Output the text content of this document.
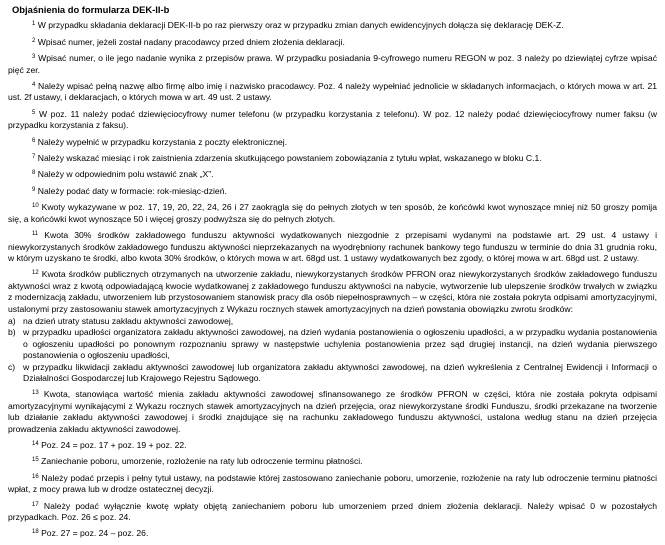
Objaśnienia do formularza DEK-II-b
$^1$ W przypadku składania deklaracji DEK-II-b po raz pierwszy oraz w przypadku zmian danych ewidencyjnych dołącza się deklarację DEK-Z.
$^2$ Wpisać numer, jeżeli został nadany pracodawcy przed dniem złożenia deklaracji.
$^3$ Wpisać numer, o ile jego nadanie wynika z przepisów prawa. W przypadku posiadania 9-cyfrowego numeru REGON w poz. 3 należy po dziewiątej cyfrze wpisać pięć zer.
$^4$ Należy wpisać pełną nazwę albo firmę albo imię i nazwisko pracodawcy. Poz. 4 należy wypełniać jednolicie w składanych informacjach, o których mowa w art. 21 ust. 2f ustawy, i deklaracjach, o których mowa w art. 49 ust. 2 ustawy.
$^5$ W poz. 11 należy podać dziewięciocyfrowy numer telefonu (w przypadku korzystania z telefonu). W poz. 12 należy podać dziewięciocyfrowy numer faksu (w przypadku korzystania z faksu).
$^6$ Należy wypełnić w przypadku korzystania z poczty elektronicznej.
$^7$ Należy wskazać miesiąc i rok zaistnienia zdarzenia skutkującego powstaniem zobowiązania z tytułu wpłat, wskazanego w bloku C.1.
$^8$ Należy w odpowiednim polu wstawić znak „X”.
$^9$ Należy podać daty w formacie: rok-miesiąc-dzień.
$^{10}$ Kwoty wykazywane w poz. 17, 19, 20, 22, 24, 26 i 27 zaokrągla się do pełnych złotych w ten sposób, że końcówki kwot wynoszące mniej niż 50 groszy pomija się, a końcówki kwot wynoszące 50 i więcej groszy podwyższa się do pełnych złotych.
$^{11}$ Kwota 30% środków zakładowego funduszu aktywności wydatkowanych niezgodnie z przepisami wydanymi na podstawie art. 29 ust. 4 ustawy i niewykorzystanych środków zakładowego funduszu aktywności nieprzekazanych na wyodrębniony rachunek bankowy tego funduszu w terminie do dnia 31 grudnia roku, w którym uzyskano te środki, albo kwota 30% środków, o których mowa w art. 68gd ust. 1 ustawy wydatkowanych bez zgody, o której mowa w art. 68gd ust. 2 ustawy.
$^{12}$ Kwota środków publicznych otrzymanych na utworzenie zakładu, niewykorzystanych środków PFRON oraz niewykorzystanych środków zakładowego funduszu aktywności wraz z kwotą odpowiadającą kwocie wydatkowanej z zakładowego funduszu aktywności na nabycie, wytworzenie lub ulepszenie środków trwałych w związku z modernizacją zakładu, utworzeniem lub przystosowaniem stanowisk pracy dla osób niepełnosprawnych – w części, która nie została pokryta odpisami amortyzacyjnymi, ustalonymi przy zastosowaniu stawek amortyzacyjnych z Wykazu rocznych stawek amortyzacyjnych na dzień powstania obowiązku zwrotu środków:
a) na dzień utraty statusu zakładu aktywności zawodowej,
b) w przypadku upadłości organizatora zakładu aktywności zawodowej, na dzień wydania postanowienia o ogłoszeniu upadłości, a w przypadku wydania postanowienia o ogłoszeniu upadłości po ponownym rozpoznaniu sprawy w następstwie uchylenia postanowienia przez sąd drugiej instancji, na dzień wydania pierwszego postanowienia o ogłoszeniu upadłości,
c) w przypadku likwidacji zakładu aktywności zawodowej lub organizatora zakładu aktywności zawodowej, na dzień wykreślenia z Centralnej Ewidencji i Informacji o Działalności Gospodarczej lub Krajowego Rejestru Sądowego.
$^{13}$ Kwota, stanowiąca wartość mienia zakładu aktywności zawodowej sfinansowanego ze środków PFRON w części, która nie została pokryta odpisami amortyzacyjnymi wynikającymi z Wykazu rocznych stawek amortyzacyjnych na dzień przejęcia, oraz niewykorzystane środki Funduszu, środki przekazane na tworzenie lub działanie zakładu aktywności zawodowej i środki znajdujące się na rachunku zakładowego funduszu aktywności, ustalona według stanu na dzień przejęcia prowadzenia zakładu aktywności zawodowej.
$^{14}$ Poz. 24 = poz. 17 + poz. 19 + poz. 22.
$^{15}$ Zaniechanie poboru, umorzenie, rozłożenie na raty lub odroczenie terminu płatności.
$^{16}$ Należy podać przepis i pełny tytuł ustawy, na podstawie której zastosowano zaniechanie poboru, umorzenie, rozłożenie na raty lub odroczenie terminu płatności wpłat, z mocy prawa lub w drodze ostatecznej decyzji.
$^{17}$ Należy podać wyłącznie kwotę wpłaty objętą zaniechaniem poboru lub umorzeniem przed dniem złożenia deklaracji. Należy wpisać 0 w pozostałych przypadkach. Poz. 26 ≤ poz. 24.
$^{18}$ Poz. 27 = poz. 24 – poz. 26.
